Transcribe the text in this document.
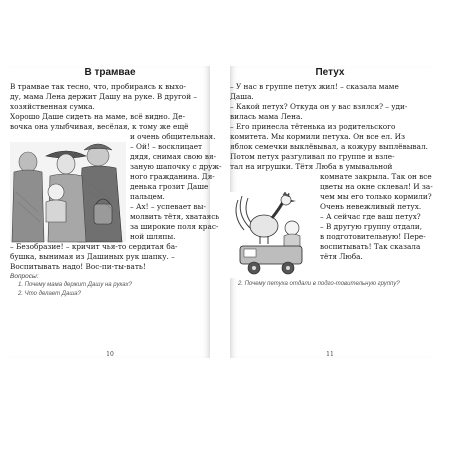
В трамвае
В трамвае так тесно, что, пробираясь к выхо-
ду, мама Лена держит Дашу на руке. В другой –
хозяйственная сумка.
Хорошо Даше сидеть на маме, всё видно. Де-
вочка она улыбчивая, весёлая, к тому же ещё
и очень общительная.
– Ой! – восклицает
дядя, снимая свою вя-
заную шапочку с друж-
ного гражданина. Дя-
денька грозит Даше
пальцем.
– Ах! – успевает вы-
молвить тётя, хватаясь
за широкие поля крас-
ной шляпы.
– Безобразие! – кричит чья-то сердитая ба-
бушка, вынимая из Дашиных рук шапку. –
Воспитывать надо! Вос-пи-ты-вать!
Вопросы:
1. Почему мама держит Дашу на руках?
2. Что делает Даша?
10
Петух
– У нас в группе петух жил! – сказала маме
Даша.
– Какой петух? Откуда он у вас взялся? – уди-
вилась мама Лена.
– Его принесла тётенька из родительского
комитета. Мы кормили петуха. Он все ел. Из
яблок семечки выклёвывал, а кожуру выплёвывал.
Потом петух разгуливал по группе и взле-
тал на игрушки. Тётя Люба в умывальной
комнате закрыла. Так он все
цветы на окне склевал! И за-
чем мы его только кормили?
Очень невежливый петух.
– А сейчас где ваш петух?
– В другую группу отдали,
в подготовительную! Пере-
воспитывать! Так сказала
тётя Люба.
2. Почему петуха отдали в подго-товительную группу?
11
